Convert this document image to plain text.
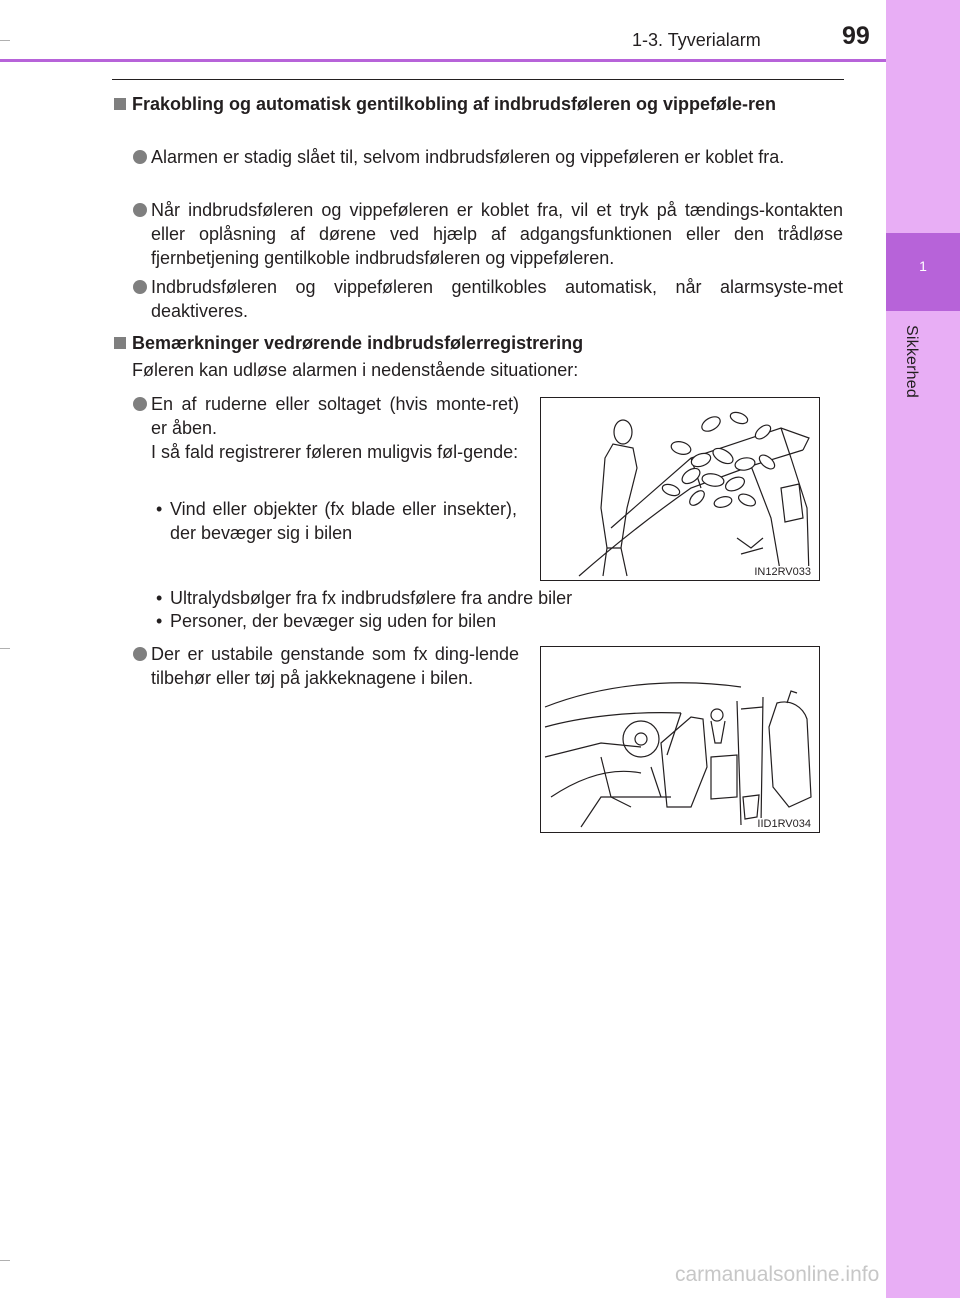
1
Sikkerhed
1-3. Tyverialarm	99
Frakobling og automatisk gentilkobling af indbrudsføleren og vippeføle-ren
Alarmen er stadig slået til, selvom indbrudsføleren og vippeføleren er koblet fra.
Når indbrudsføleren og vippeføleren er koblet fra, vil et tryk på tændings-kontakten eller oplåsning af dørene ved hjælp af adgangsfunktionen eller den trådløse fjernbetjening gentilkoble indbrudsføleren og vippeføleren.
Indbrudsføleren og vippeføleren gentilkobles automatisk, når alarmsyste-met deaktiveres.
Bemærkninger vedrørende indbrudsfølerregistrering
Føleren kan udløse alarmen i nedenstående situationer:
En af ruderne eller soltaget (hvis monte-ret) er åben.
I så fald registrerer føleren muligvis føl-gende:
• Vind eller objekter (fx blade eller insekter), der bevæger sig i bilen
IN12RV033
• Ultralydsbølger fra fx indbrudsfølere fra andre biler
• Personer, der bevæger sig uden for bilen
Der er ustabile genstande som fx ding-lende tilbehør eller tøj på jakkeknagene i bilen.
IID1RV034
carmanualsonline.info
